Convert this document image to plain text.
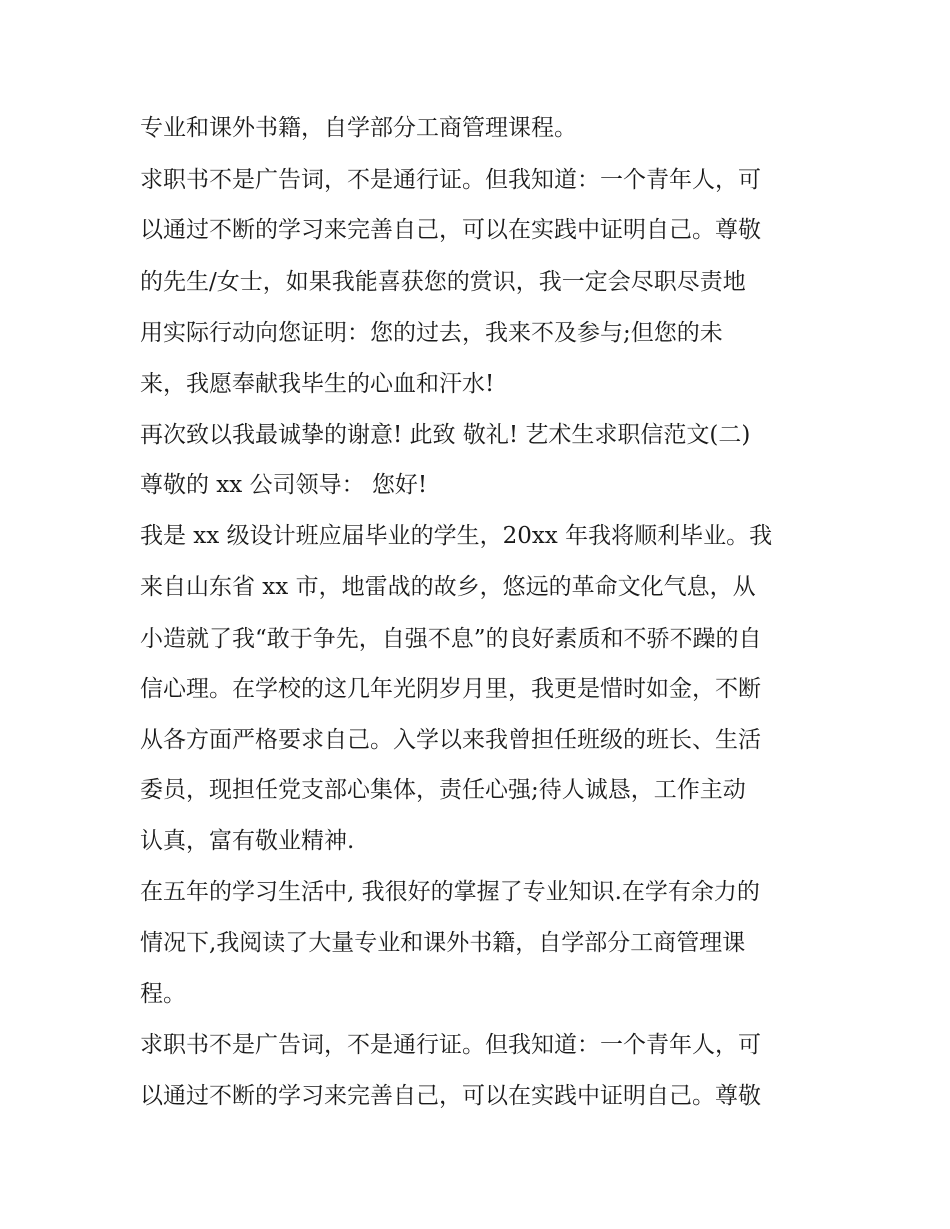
专业和课外书籍，自学部分工商管理课程。

求职书不是广告词，不是通行证。但我知道：一个青年人，可

以通过不断的学习来完善自己，可以在实践中证明自己。尊敬

的先生/女士，如果我能喜获您的赏识，我一定会尽职尽责地

用实际行动向您证明：您的过去，我来不及参与;但您的未

来，我愿奉献我毕生的心血和汗水!

再次致以我最诚挚的谢意! 此致 敬礼! 艺术生求职信范文(二)

尊敬的 xx 公司领导： 您好!

我是 xx 级设计班应届毕业的学生，20xx 年我将顺利毕业。我

来自山东省 xx 市，地雷战的故乡，悠远的革命文化气息，从

小造就了我“敢于争先，自强不息”的良好素质和不骄不躁的自

信心理。在学校的这几年光阴岁月里，我更是惜时如金，不断

从各方面严格要求自己。入学以来我曾担任班级的班长、生活

委员，现担任党支部心集体，责任心强;待人诚恳，工作主动

认真，富有敬业精神.

在五年的学习生活中, 我很好的掌握了专业知识.在学有余力的

情况下,我阅读了大量专业和课外书籍，自学部分工商管理课

程。

求职书不是广告词，不是通行证。但我知道：一个青年人，可

以通过不断的学习来完善自己，可以在实践中证明自己。尊敬
